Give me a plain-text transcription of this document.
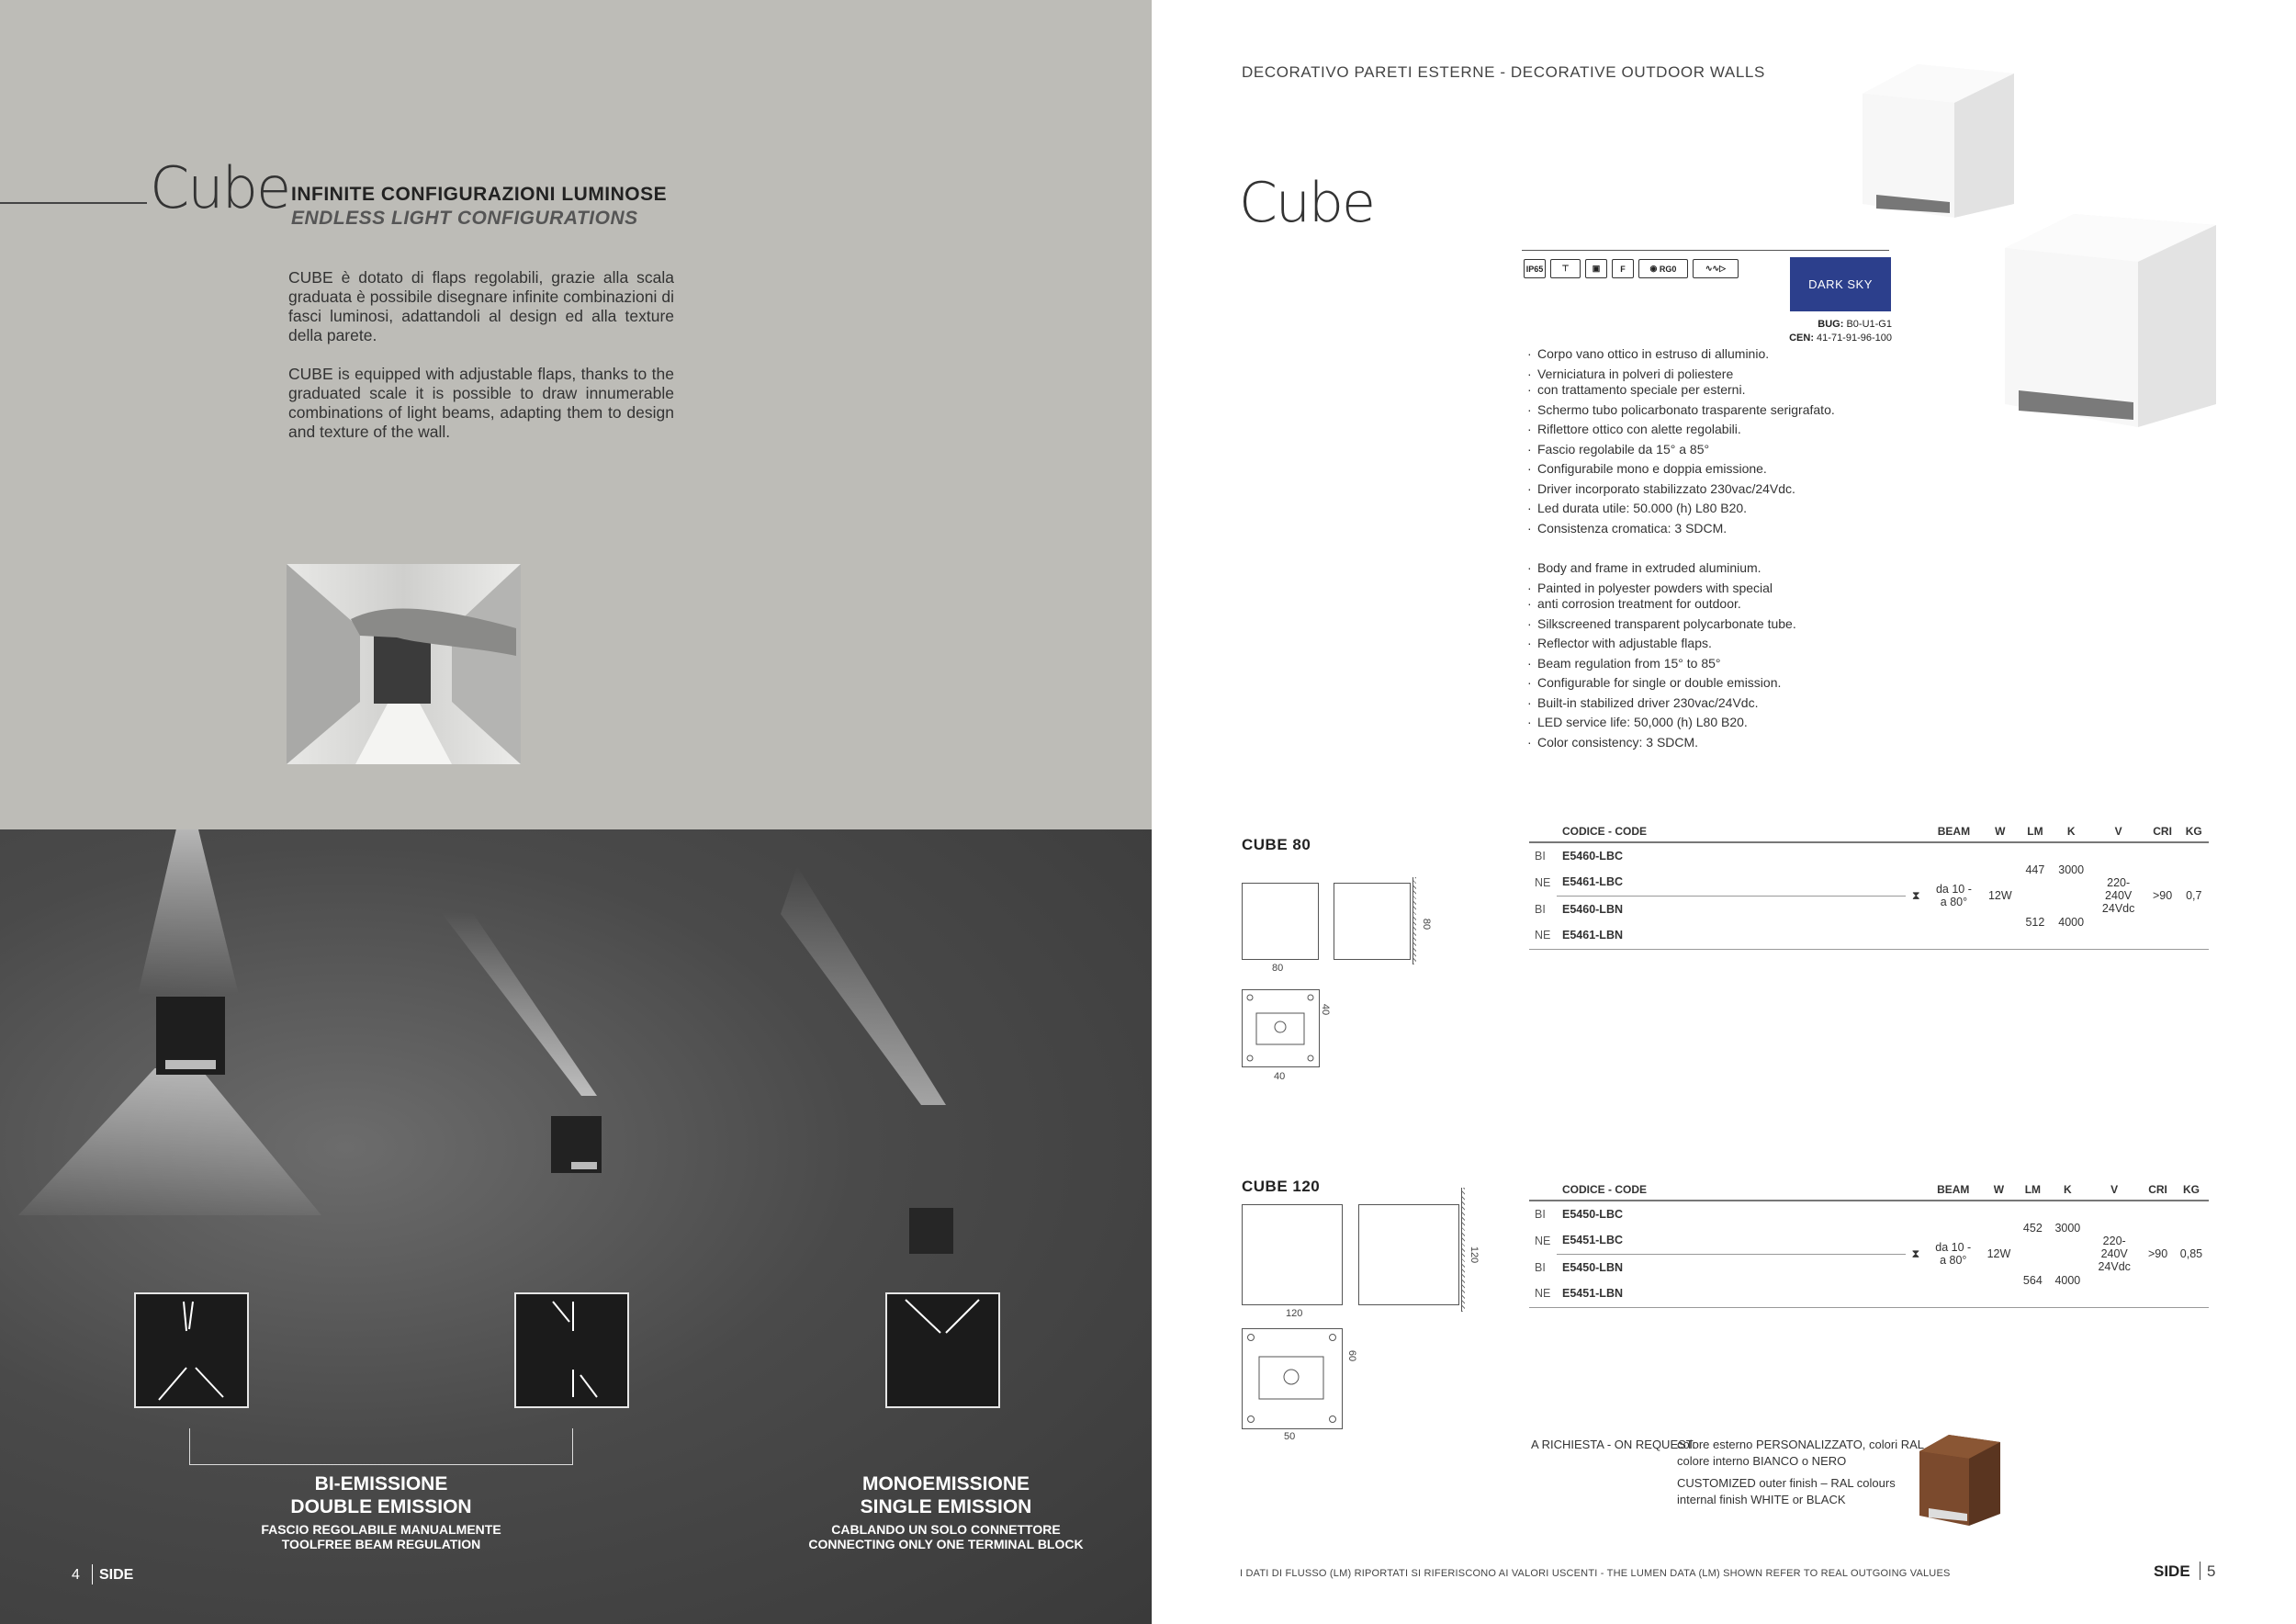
Cube INFINITE CONFIGURAZIONI LUMINOSE
ENDLESS LIGHT CONFIGURATIONS

CUBE è dotato di flaps regolabili, grazie alla scala graduata è possibile disegnare infinite combinazioni di fasci luminosi, adattandoli al design ed alla texture della parete.

CUBE is equipped with adjustable flaps, thanks to the graduated scale it is possible to draw innumerable combinations of light beams, adapting them to design and texture of the wall.

BI-EMISSIONE
DOUBLE EMISSION
FASCIO REGOLABILE MANUALMENTE
TOOLFREE BEAM REGULATION
MONOEMISSIONE
SINGLE EMISSION
CABLANDO UN SOLO CONNETTORE
CONNECTING ONLY ONE TERMINAL BLOCK
4 SIDE
DECORATIVO PARETI ESTERNE - DECORATIVE OUTDOOR WALLS
Cube
IP65	⊤	▣	F	◉
RG0	∿∿▷
DARK SKY
BUG: B0-U1-G1
CEN: 41-71-91-96-100
· Corpo vano ottico in estruso di alluminio.
· Verniciatura in polveri di poliestere
· con trattamento speciale per esterni.
· Schermo tubo policarbonato trasparente serigrafato.
· Riflettore ottico con alette regolabili.
· Fascio regolabile da 15° a 85°
· Configurabile mono e doppia emissione.
· Driver incorporato stabilizzato 230vac/24Vdc.
· Led durata utile: 50.000 (h) L80 B20.
· Consistenza cromatica: 3 SDCM.
· Body and frame in extruded aluminium.
· Painted in polyester powders with special
· anti corrosion treatment for outdoor.
· Silkscreened transparent polycarbonate tube.
· Reflector with adjustable flaps.
· Beam regulation from 15° to 85°
· Configurable for single or double emission.
· Built-in stabilized driver 230vac/24Vdc.
· LED service life: 50,000 (h) L80 B20.
· Color consistency: 3 SDCM.
CUBE 80
80
80
40
40
	CODICE - CODE		BEAM	W	LM	K	V	CRI	KG
BI	E5460-LBC	⧗	da 10 - a 80°	12W	447	3000	220-240V 24Vdc	>90	0,7
NE	E5461-LBC								
BI	E5460-LBN				512	4000			
NE	E5461-LBN								
CUBE 120
120
120
60
50
	CODICE - CODE		BEAM	W	LM	K	V	CRI	KG
BI	E5450-LBC	⧗	da 10 - a 80°	12W	452	3000	220-240V 24Vdc	>90	0,85
NE	E5451-LBC								
BI	E5450-LBN				564	4000			
NE	E5451-LBN								
A RICHIESTA - ON REQUEST:
colore esterno PERSONALIZZATO, colori RAL
colore interno BIANCO o NERO
CUSTOMIZED outer finish – RAL colours
internal finish WHITE or BLACK
I DATI DI FLUSSO (LM) RIPORTATI SI RIFERISCONO AI VALORI USCENTI - THE LUMEN DATA (LM) SHOWN REFER TO REAL OUTGOING VALUES	SIDE 5
